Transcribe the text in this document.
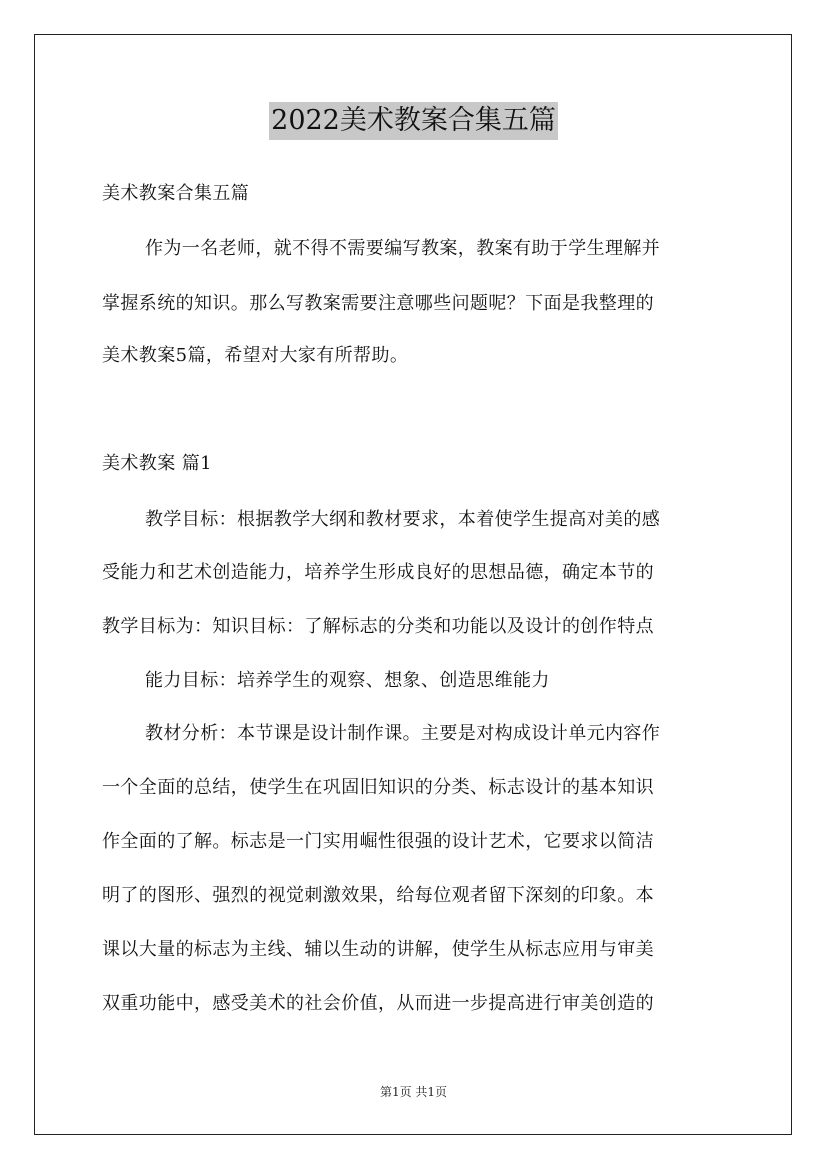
2022美术教案合集五篇
美术教案合集五篇
作为一名老师，就不得不需要编写教案，教案有助于学生理解并
掌握系统的知识。那么写教案需要注意哪些问题呢？下面是我整理的
美术教案5篇，希望对大家有所帮助。
美术教案 篇1
教学目标：根据教学大纲和教材要求，本着使学生提高对美的感
受能力和艺术创造能力，培养学生形成良好的思想品德，确定本节的
教学目标为：知识目标：了解标志的分类和功能以及设计的创作特点
能力目标：培养学生的观察、想象、创造思维能力
教材分析：本节课是设计制作课。主要是对构成设计单元内容作
一个全面的总结，使学生在巩固旧知识的分类、标志设计的基本知识
作全面的了解。标志是一门实用崛性很强的设计艺术，它要求以简洁
明了的图形、强烈的视觉刺激效果，给每位观者留下深刻的印象。本
课以大量的标志为主线、辅以生动的讲解，使学生从标志应用与审美
双重功能中，感受美术的社会价值，从而进一步提高进行审美创造的
第1页 共1页
